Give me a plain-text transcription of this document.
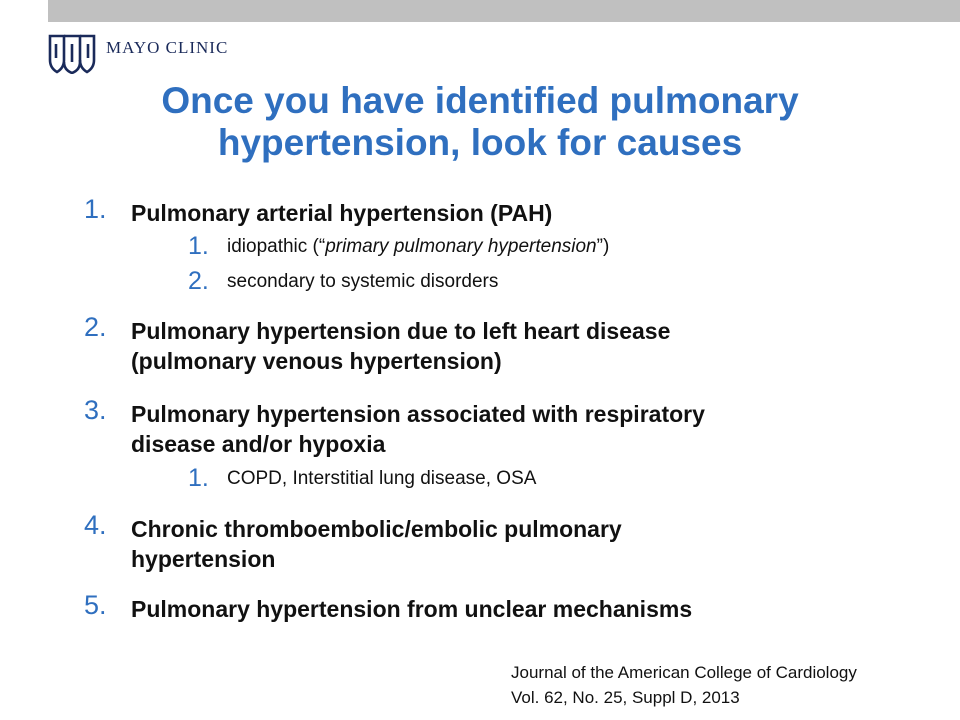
MAYO CLINIC
Once you have identified pulmonary
hypertension, look for causes
1. Pulmonary arterial hypertension (PAH)
1. idiopathic (“primary pulmonary hypertension”)
2. secondary to systemic disorders
2. Pulmonary hypertension due to left heart disease
(pulmonary venous hypertension)
3. Pulmonary hypertension associated with respiratory
disease and/or hypoxia
1. COPD, Interstitial lung disease, OSA
4. Chronic thromboembolic/embolic pulmonary
hypertension
5. Pulmonary hypertension from unclear mechanisms
Journal of the American College of Cardiology
Vol. 62, No. 25, Suppl D, 2013
